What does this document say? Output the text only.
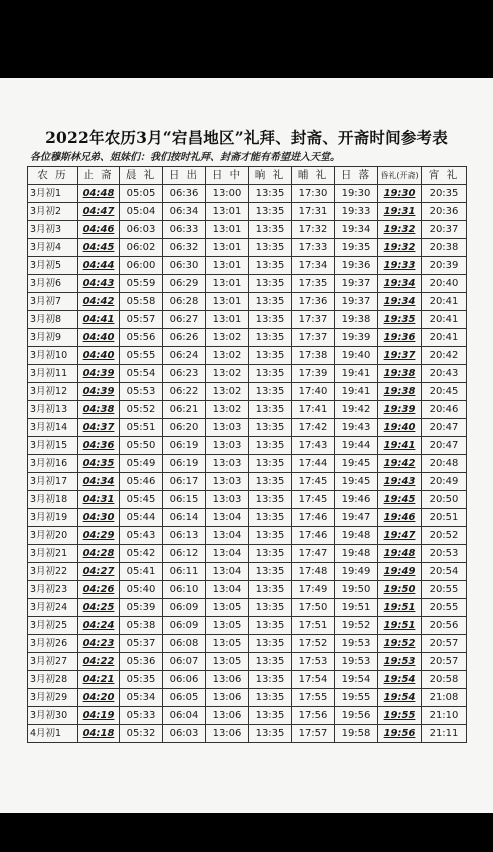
2022年农历3月“宕昌地区”礼拜、封斋、开斋时间参考表
各位穆斯林兄弟、姐妹们：我们按时礼拜、封斋才能有希望进入天堂。
农 历	止 斋	晨 礼	日 出	日 中	晌 礼	晡 礼	日 落	昏礼(开斋)	宵 礼
3月初1	04:48	05:05	06:36	13:00	13:35	17:30	19:30	19:30	20:35
3月初2	04:47	05:04	06:34	13:01	13:35	17:31	19:33	19:31	20:36
3月初3	04:46	06:03	06:33	13:01	13:35	17:32	19:34	19:32	20:37
3月初4	04:45	06:02	06:32	13:01	13:35	17:33	19:35	19:32	20:38
3月初5	04:44	06:00	06:30	13:01	13:35	17:34	19:36	19:33	20:39
3月初6	04:43	05:59	06:29	13:01	13:35	17:35	19:37	19:34	20:40
3月初7	04:42	05:58	06:28	13:01	13:35	17:36	19:37	19:34	20:41
3月初8	04:41	05:57	06:27	13:01	13:35	17:37	19:38	19:35	20:41
3月初9	04:40	05:56	06:26	13:02	13:35	17:37	19:39	19:36	20:41
3月初10	04:40	05:55	06:24	13:02	13:35	17:38	19:40	19:37	20:42
3月初11	04:39	05:54	06:23	13:02	13:35	17:39	19:41	19:38	20:43
3月初12	04:39	05:53	06:22	13:02	13:35	17:40	19:41	19:38	20:45
3月初13	04:38	05:52	06:21	13:02	13:35	17:41	19:42	19:39	20:46
3月初14	04:37	05:51	06:20	13:03	13:35	17:42	19:43	19:40	20:47
3月初15	04:36	05:50	06:19	13:03	13:35	17:43	19:44	19:41	20:47
3月初16	04:35	05:49	06:19	13:03	13:35	17:44	19:45	19:42	20:48
3月初17	04:34	05:46	06:17	13:03	13:35	17:45	19:45	19:43	20:49
3月初18	04:31	05:45	06:15	13:03	13:35	17:45	19:46	19:45	20:50
3月初19	04:30	05:44	06:14	13:04	13:35	17:46	19:47	19:46	20:51
3月初20	04:29	05:43	06:13	13:04	13:35	17:46	19:48	19:47	20:52
3月初21	04:28	05:42	06:12	13:04	13:35	17:47	19:48	19:48	20:53
3月初22	04:27	05:41	06:11	13:04	13:35	17:48	19:49	19:49	20:54
3月初23	04:26	05:40	06:10	13:04	13:35	17:49	19:50	19:50	20:55
3月初24	04:25	05:39	06:09	13:05	13:35	17:50	19:51	19:51	20:55
3月初25	04:24	05:38	06:09	13:05	13:35	17:51	19:52	19:51	20:56
3月初26	04:23	05:37	06:08	13:05	13:35	17:52	19:53	19:52	20:57
3月初27	04:22	05:36	06:07	13:05	13:35	17:53	19:53	19:53	20:57
3月初28	04:21	05:35	06:06	13:06	13:35	17:54	19:54	19:54	20:58
3月初29	04:20	05:34	06:05	13:06	13:35	17:55	19:55	19:54	21:08
3月初30	04:19	05:33	06:04	13:06	13:35	17:56	19:56	19:55	21:10
4月初1	04:18	05:32	06:03	13:06	13:35	17:57	19:58	19:56	21:11
